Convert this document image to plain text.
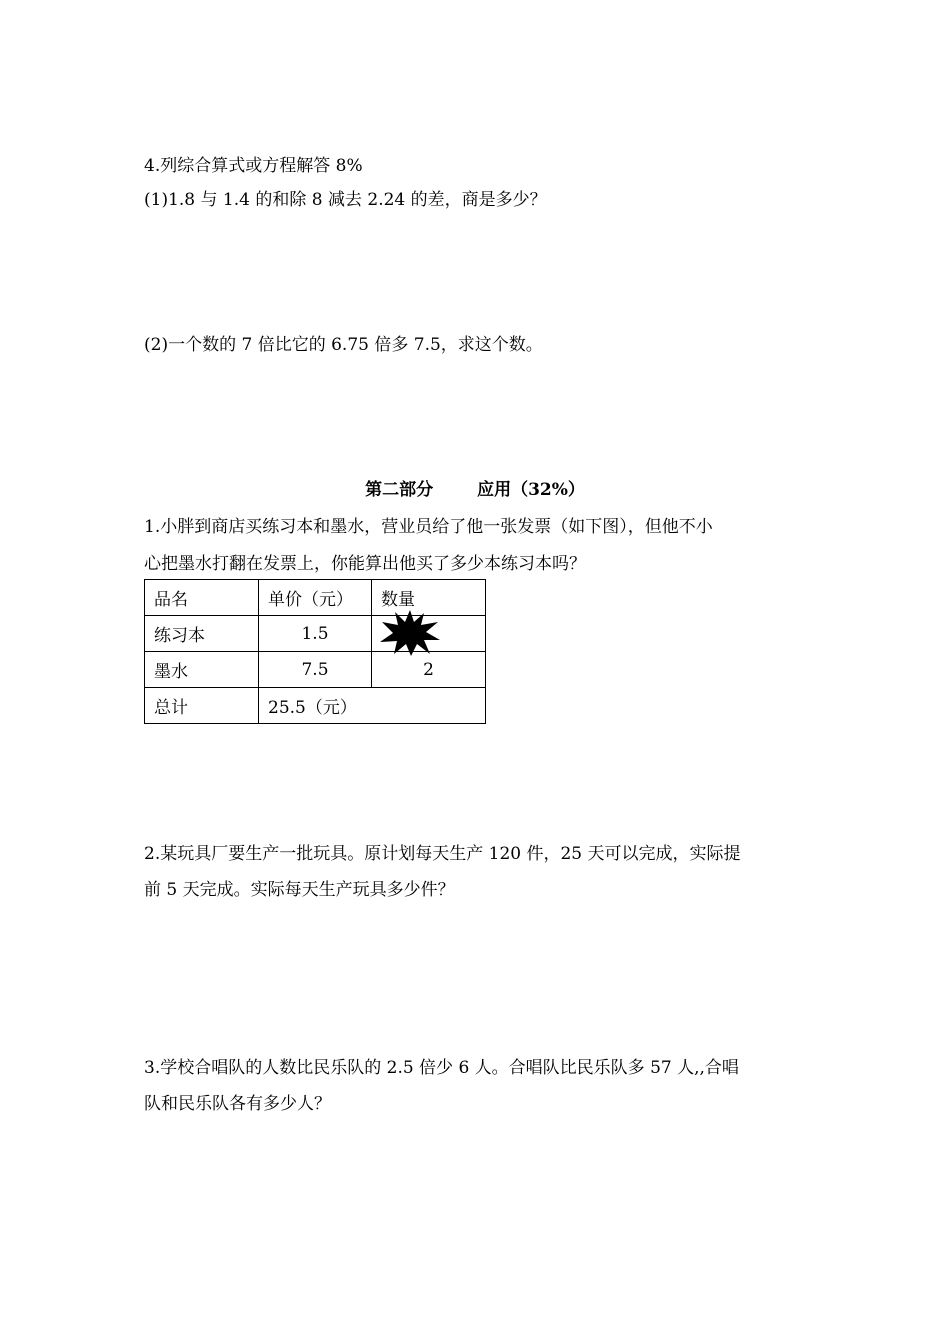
4.列综合算式或方程解答 8%
(1)1.8 与 1.4 的和除 8 减去 2.24 的差，商是多少？
(2)一个数的 7 倍比它的 6.75 倍多 7.5，求这个数。
第二部分	应用（32%）
1.小胖到商店买练习本和墨水，营业员给了他一张发票（如下图），但他不小
心把墨水打翻在发票上，你能算出他买了多少本练习本吗？
品名	单价（元）	数量
练习本	1.5	

墨水	7.5	2
总计	25.5（元）	
2.某玩具厂要生产一批玩具。原计划每天生产 120 件，25 天可以完成，实际提
前 5 天完成。实际每天生产玩具多少件？
3.学校合唱队的人数比民乐队的 2.5 倍少 6 人。合唱队比民乐队多 57 人,,合唱
队和民乐队各有多少人？
